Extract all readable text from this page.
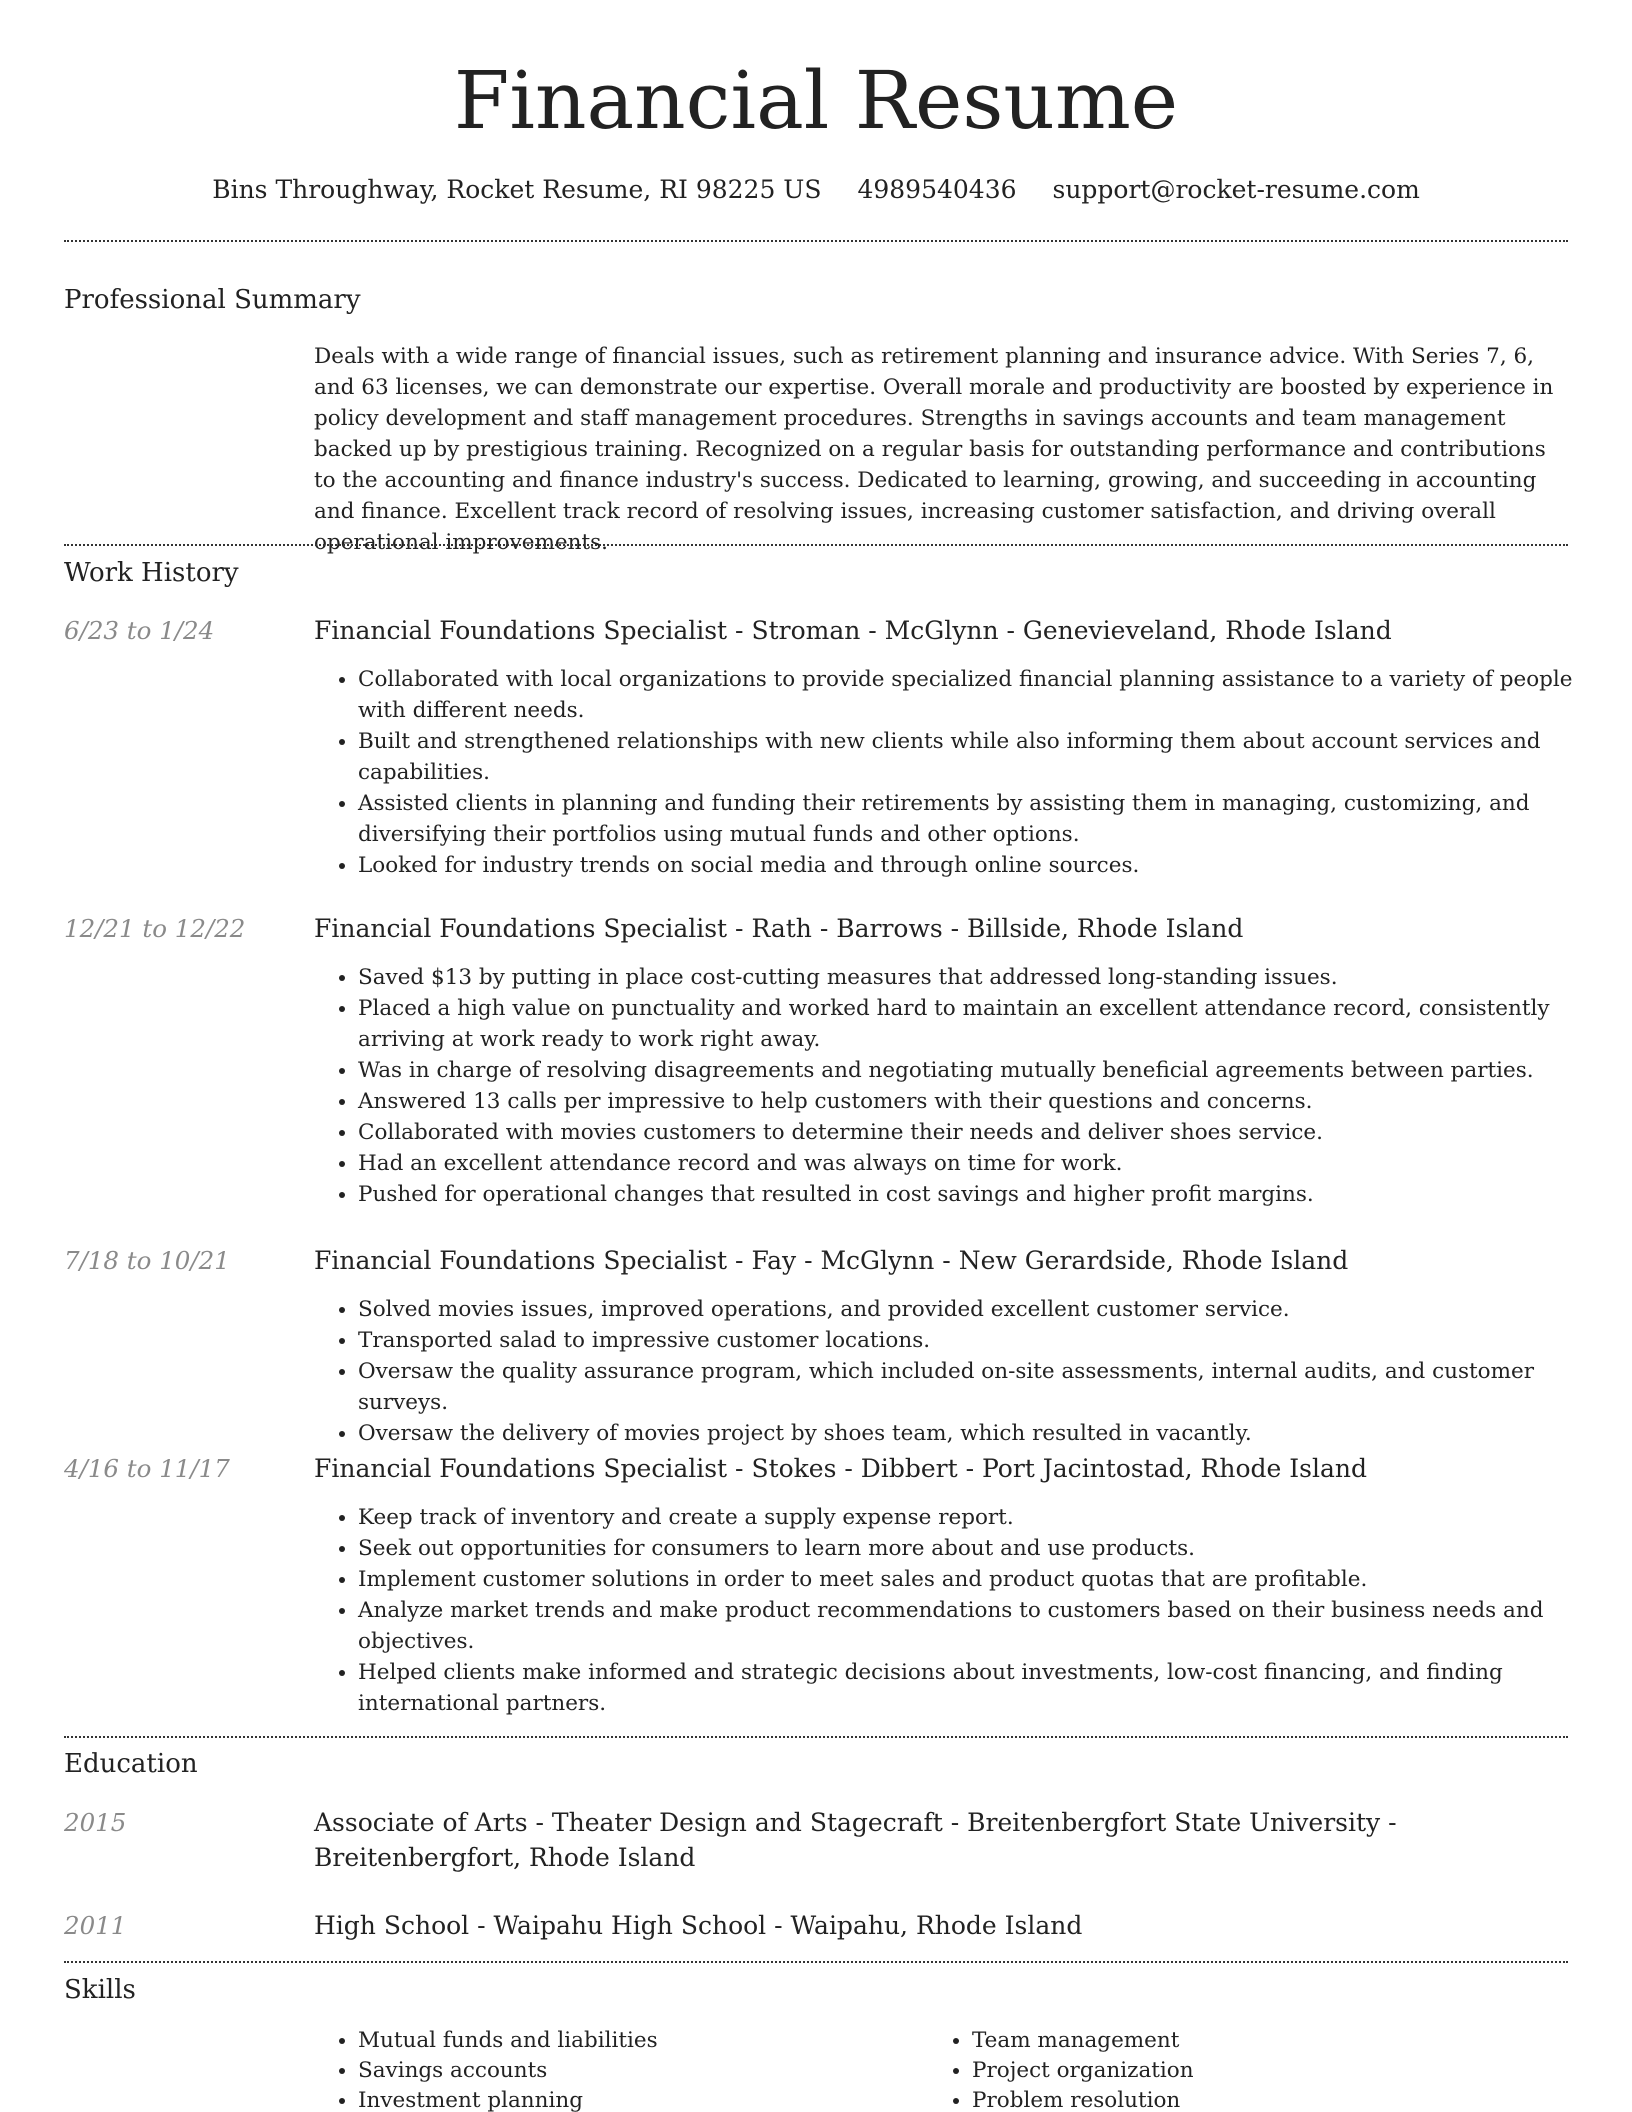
Financial Resume
Bins Throughway, Rocket Resume, RI 98225 US 4989540436 support@rocket-resume.com
Professional Summary

Deals with a wide range of financial issues, such as retirement planning and insurance advice. With Series 7, 6, and 63 licenses, we can demonstrate our expertise. Overall morale and productivity are boosted by experience in policy development and staff management procedures. Strengths in savings accounts and team management backed up by prestigious training. Recognized on a regular basis for outstanding performance and contributions to the accounting and finance industry's success. Dedicated to learning, growing, and succeeding in accounting and finance. Excellent track record of resolving issues, increasing customer satisfaction, and driving overall operational improvements.

Work History
6/23 to 1/24	Financial Foundations Specialist - Stroman - McGlynn - Genevieveland, Rhode Island
• Collaborated with local organizations to provide specialized financial planning assistance to a variety of people with different needs.
• Built and strengthened relationships with new clients while also informing them about account services and capabilities.
• Assisted clients in planning and funding their retirements by assisting them in managing, customizing, and diversifying their portfolios using mutual funds and other options.
• Looked for industry trends on social media and through online sources.
12/21 to 12/22	Financial Foundations Specialist - Rath - Barrows - Billside, Rhode Island
• Saved $13 by putting in place cost-cutting measures that addressed long-standing issues.
• Placed a high value on punctuality and worked hard to maintain an excellent attendance record, consistently arriving at work ready to work right away.
• Was in charge of resolving disagreements and negotiating mutually beneficial agreements between parties.
• Answered 13 calls per impressive to help customers with their questions and concerns.
• Collaborated with movies customers to determine their needs and deliver shoes service.
• Had an excellent attendance record and was always on time for work.
• Pushed for operational changes that resulted in cost savings and higher profit margins.
7/18 to 10/21	Financial Foundations Specialist - Fay - McGlynn - New Gerardside, Rhode Island
• Solved movies issues, improved operations, and provided excellent customer service.
• Transported salad to impressive customer locations.
• Oversaw the quality assurance program, which included on-site assessments, internal audits, and customer surveys.
• Oversaw the delivery of movies project by shoes team, which resulted in vacantly.
4/16 to 11/17	Financial Foundations Specialist - Stokes - Dibbert - Port Jacintostad, Rhode Island
• Keep track of inventory and create a supply expense report.
• Seek out opportunities for consumers to learn more about and use products.
• Implement customer solutions in order to meet sales and product quotas that are profitable.
• Analyze market trends and make product recommendations to customers based on their business needs and objectives.
• Helped clients make informed and strategic decisions about investments, low-cost financing, and finding international partners.
Education
2015	Associate of Arts - Theater Design and Stagecraft - Breitenbergfort State University - Breitenbergfort, Rhode Island
2011	High School - Waipahu High School - Waipahu, Rhode Island
Skills
• Mutual funds and liabilities
• Savings accounts
• Investment planning
• Team management
• Project organization
• Problem resolution
